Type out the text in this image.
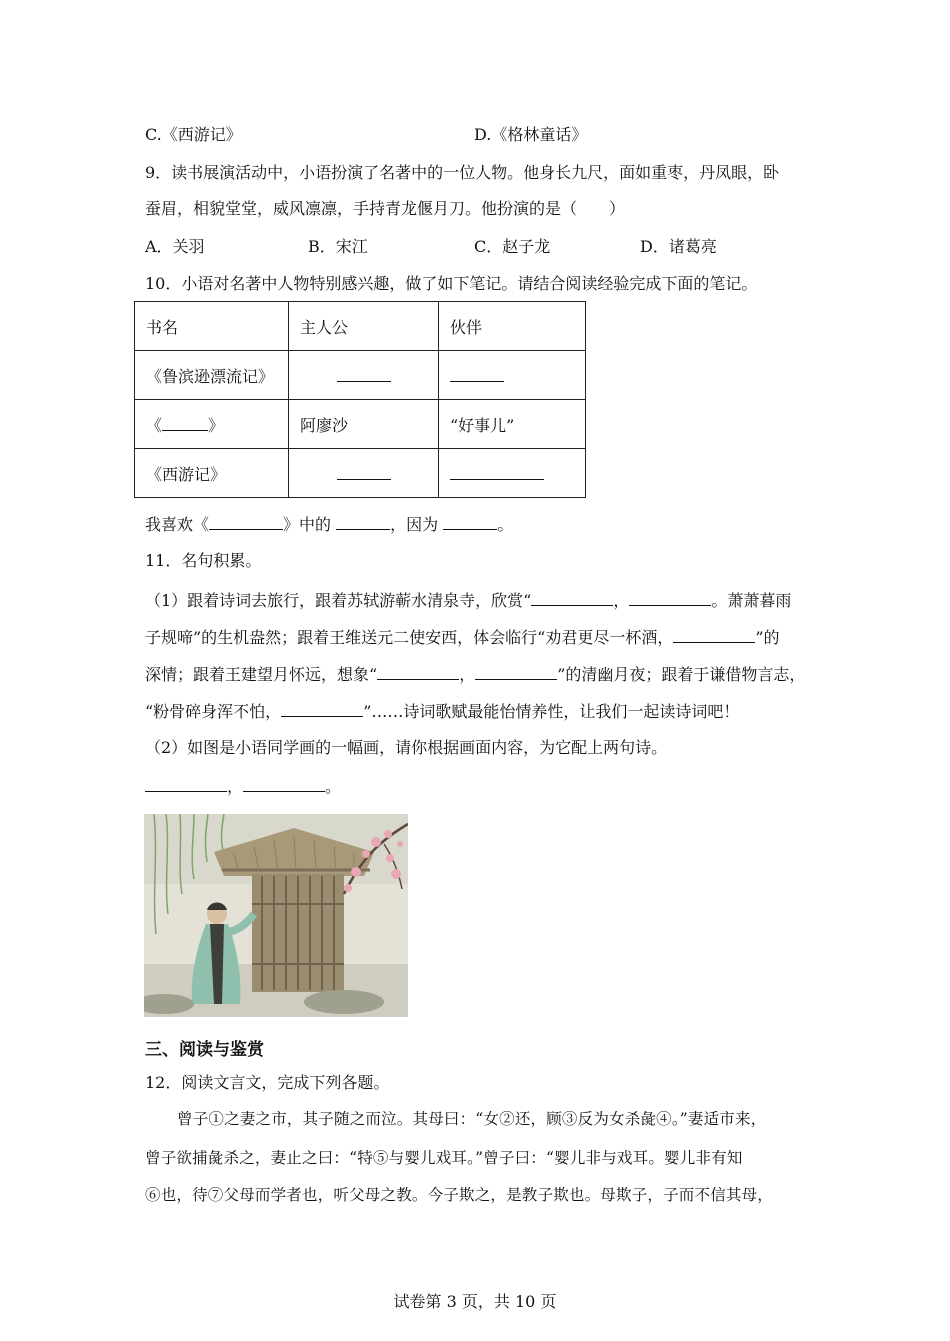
C.《西游记》	D.《格林童话》
9．读书展演活动中，小语扮演了名著中的一位人物。他身长九尺，面如重枣，丹凤眼，卧
蚕眉，相貌堂堂，威风凛凛，手持青龙偃月刀。他扮演的是（　　）
A．关羽	B．宋江	C．赵子龙	D．诸葛亮
10．小语对名著中人物特别感兴趣，做了如下笔记。请结合阅读经验完成下面的笔记。
书名	主人公	伙伴
《鲁滨逊漂流记》		
《 》	阿廖沙	“好事儿”
《西游记》		
我喜欢《	》中的	，因为	。
11．名句积累。
（1）跟着诗词去旅行，跟着苏轼游蕲水清泉寺，欣赏“	，	。萧萧暮雨
子规啼”的生机盎然；跟着王维送元二使安西，体会临行“劝君更尽一杯酒，	”的
深情；跟着王建望月怀远，想象“	，	”的清幽月夜；跟着于谦借物言志，
“粉骨碎身浑不怕，	”……诗词歌赋最能怡情养性，让我们一起读诗词吧！
（2）如图是小语同学画的一幅画，请你根据画面内容，为它配上两句诗。
，	。
三、阅读与鉴赏
12．阅读文言文，完成下列各题。
曾子①之妻之市，其子随之而泣。其母曰：“女②还，顾③反为女杀彘④。”妻适市来，
曾子欲捕彘杀之，妻止之曰：“特⑤与婴儿戏耳。”曾子曰：“婴儿非与戏耳。婴儿非有知
⑥也，待⑦父母而学者也，听父母之教。今子欺之，是教子欺也。母欺子，子而不信其母，
试卷第 3 页，共 10 页
